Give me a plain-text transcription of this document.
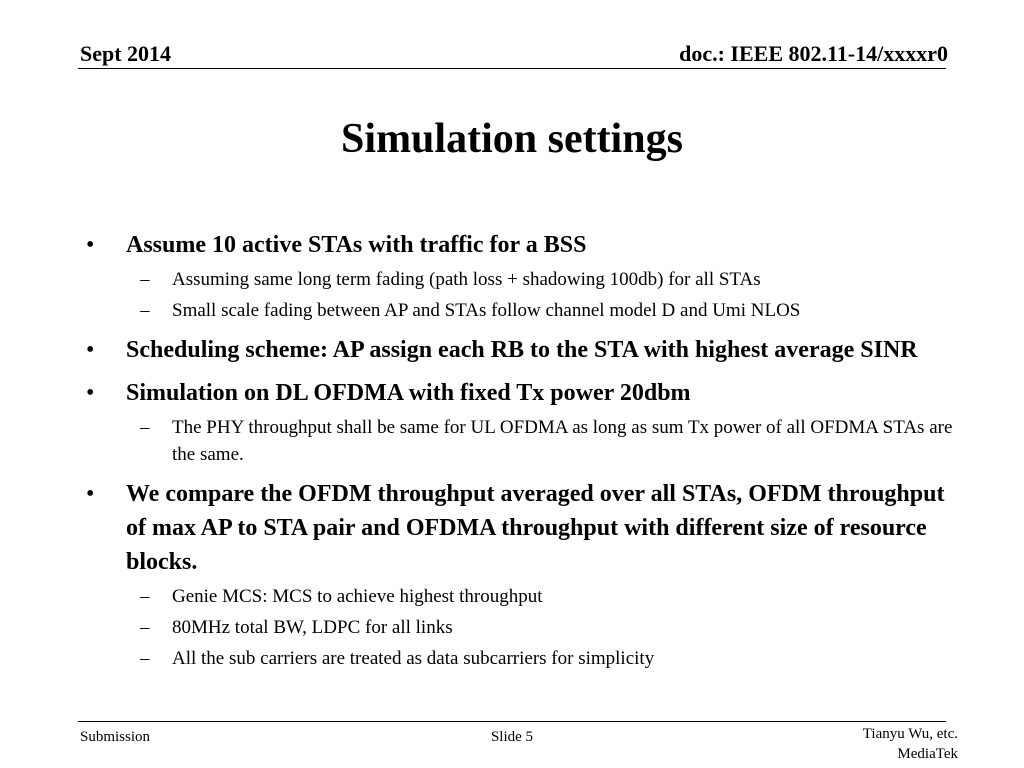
Sept 2014	doc.: IEEE 802.11-14/xxxxr0
Simulation settings
• Assume 10 active STAs with traffic for a BSS
– Assuming same long term fading (path loss + shadowing 100db) for all STAs
– Small scale fading between AP and STAs follow channel model D and Umi NLOS
• Scheduling scheme: AP assign each RB to the STA with highest average SINR
• Simulation on DL OFDMA with fixed Tx power 20dbm
– The PHY throughput shall be same for UL OFDMA as long as sum Tx power of all OFDMA STAs are the same.
• We compare the OFDM throughput averaged over all STAs, OFDM throughput of max AP to STA pair and OFDMA throughput with different size of resource blocks.
– Genie MCS: MCS to achieve highest throughput
– 80MHz total BW, LDPC for all links
– All the sub carriers are treated as data subcarriers for simplicity
Submission	Slide 5	Tianyu Wu, etc.
MediaTek
